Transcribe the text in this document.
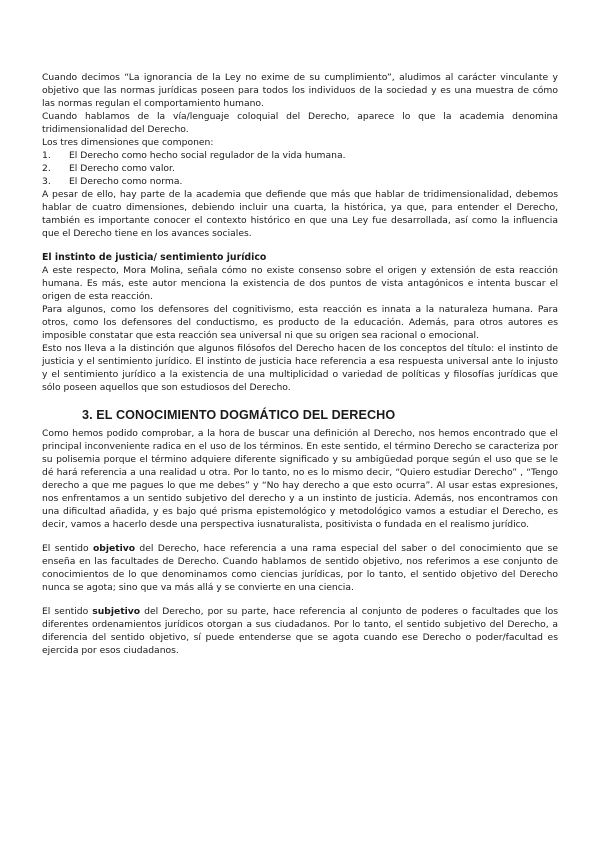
Cuando decimos “La ignorancia de la Ley no exime de su cumplimiento”, aludimos al carácter vinculante y objetivo que las normas jurídicas poseen para todos los individuos de la sociedad y es una muestra de cómo las normas regulan el comportamiento humano.

Cuando hablamos de la vía/lenguaje coloquial del Derecho, aparece lo que la academia denomina tridimensionalidad del Derecho.

Los tres dimensiones que componen:

1.	El Derecho como hecho social regulador de la vida humana.
2.	El Derecho como valor.
3.	El Derecho como norma.

A pesar de ello, hay parte de la academia que defiende que más que hablar de tridimensionalidad, debemos hablar de cuatro dimensiones, debiendo incluir una cuarta, la histórica, ya que, para entender el Derecho, también es importante conocer el contexto histórico en que una Ley fue desarrollada, así como la influencia que el Derecho tiene en los avances sociales.

El instinto de justicia/ sentimiento jurídico

A este respecto, Mora Molina, señala cómo no existe consenso sobre el origen y extensión de esta reacción humana. Es más, este autor menciona la existencia de dos puntos de vista antagónicos e intenta buscar el origen de esta reacción.

Para algunos, como los defensores del cognitivismo, esta reacción es innata a la naturaleza humana. Para otros, como los defensores del conductismo, es producto de la educación. Además, para otros autores es imposible constatar que esta reacción sea universal ni que su origen sea racional o emocional.

Esto nos lleva a la distinción que algunos filósofos del Derecho hacen de los conceptos del título: el instinto de justicia y el sentimiento jurídico. El instinto de justicia hace referencia a esa respuesta universal ante lo injusto y el sentimiento jurídico a la existencia de una multiplicidad o variedad de políticas y filosofías jurídicas que sólo poseen aquellos que son estudiosos del Derecho.

3. EL CONOCIMIENTO DOGMÁTICO DEL DERECHO

Como hemos podido comprobar, a la hora de buscar una definición al Derecho, nos hemos encontrado que el principal inconveniente radica en el uso de los términos. En este sentido, el término Derecho se caracteriza por su polisemia porque el término adquiere diferente significado y su ambigüedad porque según el uso que se le dé hará referencia a una realidad u otra. Por lo tanto, no es lo mismo decir, “Quiero estudiar Derecho” , “Tengo derecho a que me pagues lo que me debes” y “No hay derecho a que esto ocurra”. Al usar estas expresiones, nos enfrentamos a un sentido subjetivo del derecho y a un instinto de justicia. Además, nos encontramos con una dificultad añadida, y es bajo qué prisma epistemológico y metodológico vamos a estudiar el Derecho, es decir, vamos a hacerlo desde una perspectiva iusnaturalista, positivista o fundada en el realismo jurídico.

El sentido objetivo del Derecho, hace referencia a una rama especial del saber o del conocimiento que se enseña en las facultades de Derecho. Cuando hablamos de sentido objetivo, nos referimos a ese conjunto de conocimientos de lo que denominamos como ciencias jurídicas, por lo tanto, el sentido objetivo del Derecho nunca se agota; sino que va más allá y se convierte en una ciencia.

El sentido subjetivo del Derecho, por su parte, hace referencia al conjunto de poderes o facultades que los diferentes ordenamientos jurídicos otorgan a sus ciudadanos. Por lo tanto, el sentido subjetivo del Derecho, a diferencia del sentido objetivo, sí puede entenderse que se agota cuando ese Derecho o poder/facultad es ejercida por esos ciudadanos.
